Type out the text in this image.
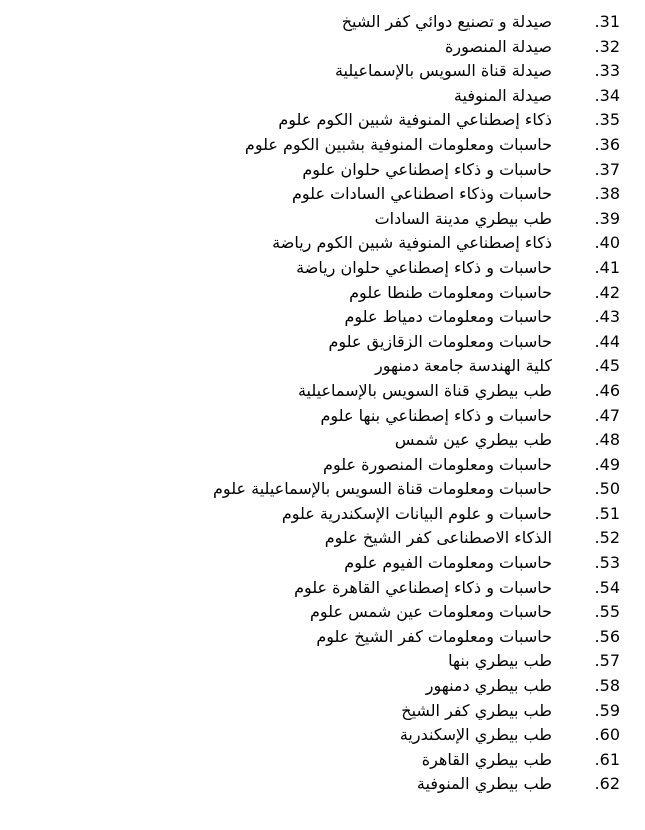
31.
صيدلة و تصنيع دوائي كفر الشيخ
32.
صيدلة المنصورة
33.
صيدلة قناة السويس بالإسماعيلية
34.
صيدلة المنوفية
35.
ذكاء إصطناعي المنوفية شبين الكوم علوم
36.
حاسبات ومعلومات المنوفية بشبين الكوم علوم
37.
حاسبات و ذكاء إصطناعي حلوان علوم
38.
حاسبات وذكاء اصطناعي السادات علوم
39.
طب بيطري مدينة السادات
40.
ذكاء إصطناعي المنوفية شبين الكوم رياضة
41.
حاسبات و ذكاء إصطناعي حلوان رياضة
42.
حاسبات ومعلومات طنطا علوم
43.
حاسبات ومعلومات دمياط علوم
44.
حاسبات ومعلومات الزقازيق علوم
45.
كلية الهندسة جامعة دمنهور
46.
طب بيطري قناة السويس بالإسماعيلية
47.
حاسبات و ذكاء إصطناعي بنها علوم
48.
طب بيطري عين شمس
49.
حاسبات ومعلومات المنصورة علوم
50.
حاسبات ومعلومات قناة السويس بالإسماعيلية علوم
51.
حاسبات و علوم البيانات الإسكندرية علوم
52.
الذكاء الاصطناعى كفر الشيخ علوم
53.
حاسبات ومعلومات الفيوم علوم
54.
حاسبات و ذكاء إصطناعي القاهرة علوم
55.
حاسبات ومعلومات عين شمس علوم
56.
حاسبات ومعلومات كفر الشيخ علوم
57.
طب بيطري بنها
58.
طب بيطري دمنهور
59.
طب بيطري كفر الشيخ
60.
طب بيطري الإسكندرية
61.
طب بيطري القاهرة
62.
طب بيطري المنوفية
